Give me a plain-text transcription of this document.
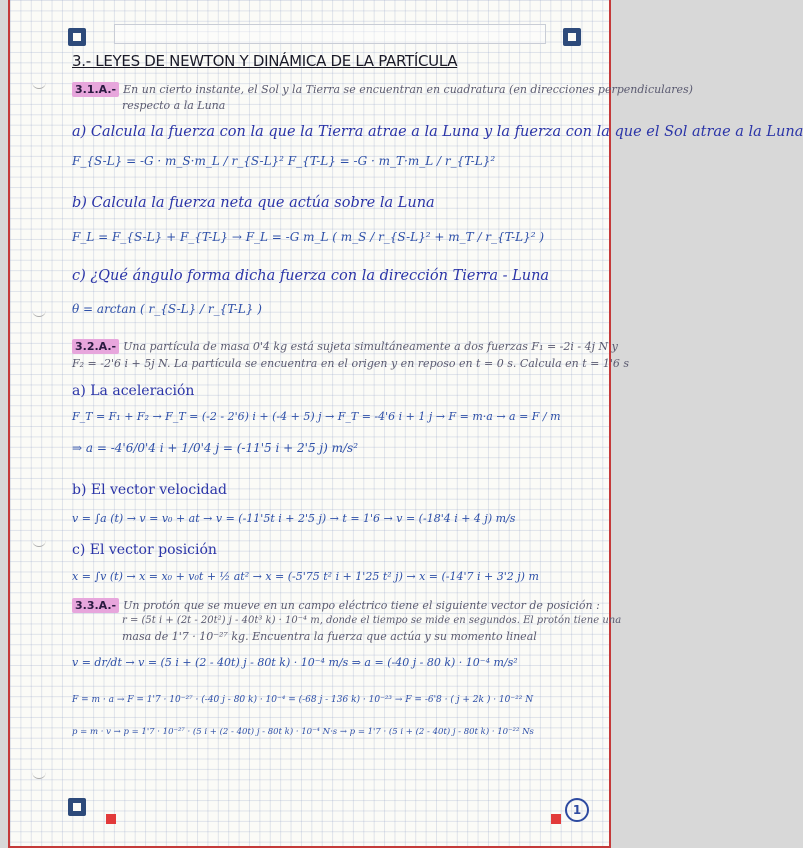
1
3.- LEYES DE NEWTON Y DINÁMICA DE LA PARTÍCULA
3.1.A.- En un cierto instante, el Sol y la Tierra se encuentran en cuadratura (en direcciones perpendiculares)
respecto a la Luna
a) Calcula la fuerza con la que la Tierra atrae a la Luna y la fuerza con la que el Sol atrae a la Luna
F_{S-L} = -G · m_S·m_L / r_{S-L}² F_{T-L} = -G · m_T·m_L / r_{T-L}²
b) Calcula la fuerza neta que actúa sobre la Luna
F_L = F_{S-L} + F_{T-L} → F_L = -G m_L ( m_S / r_{S-L}² + m_T / r_{T-L}² )
c) ¿Qué ángulo forma dicha fuerza con la dirección Tierra - Luna
θ = arctan ( r_{S-L} / r_{T-L} )
3.2.A.- Una partícula de masa 0'4 kg está sujeta simultáneamente a dos fuerzas F₁ = -2i - 4j N y
F₂ = -2'6 i + 5j N. La partícula se encuentra en el origen y en reposo en t = 0 s. Calcula en t = 1'6 s
a) La aceleración
F_T = F₁ + F₂ → F_T = (-2 - 2'6) i + (-4 + 5) j → F_T = -4'6 i + 1 j → F = m·a → a = F / m
⇒ a = -4'6/0'4 i + 1/0'4 j = (-11'5 i + 2'5 j) m/s²
b) El vector velocidad
v = ∫a (t) → v = v₀ + at → v = (-11'5t i + 2'5 j) → t = 1'6 → v = (-18'4 i + 4 j) m/s
c) El vector posición
x = ∫v (t) → x = x₀ + v₀t + ½ at² → x = (-5'75 t² i + 1'25 t² j) → x = (-14'7 i + 3'2 j) m
3.3.A.- Un protón que se mueve en un campo eléctrico tiene el siguiente vector de posición :
r = (5t i + (2t - 20t²) j - 40t³ k) · 10⁻⁴ m, donde el tiempo se mide en segundos. El protón tiene una
masa de 1'7 · 10⁻²⁷ kg. Encuentra la fuerza que actúa y su momento lineal
v = dr/dt → v = (5 i + (2 - 40t) j - 80t k) · 10⁻⁴ m/s ⇒ a = (-40 j - 80 k) · 10⁻⁴ m/s²
F = m · a → F = 1'7 · 10⁻²⁷ · (-40 j - 80 k) · 10⁻⁴ = (-68 j - 136 k) · 10⁻²³ → F = -6'8 · ( j + 2k ) · 10⁻²² N
p = m · v → p = 1'7 · 10⁻²⁷ · (5 i + (2 - 40t) j - 80t k) · 10⁻⁴ N·s → p = 1'7 · (5 i + (2 - 40t) j - 80t k) · 10⁻²² Ns
